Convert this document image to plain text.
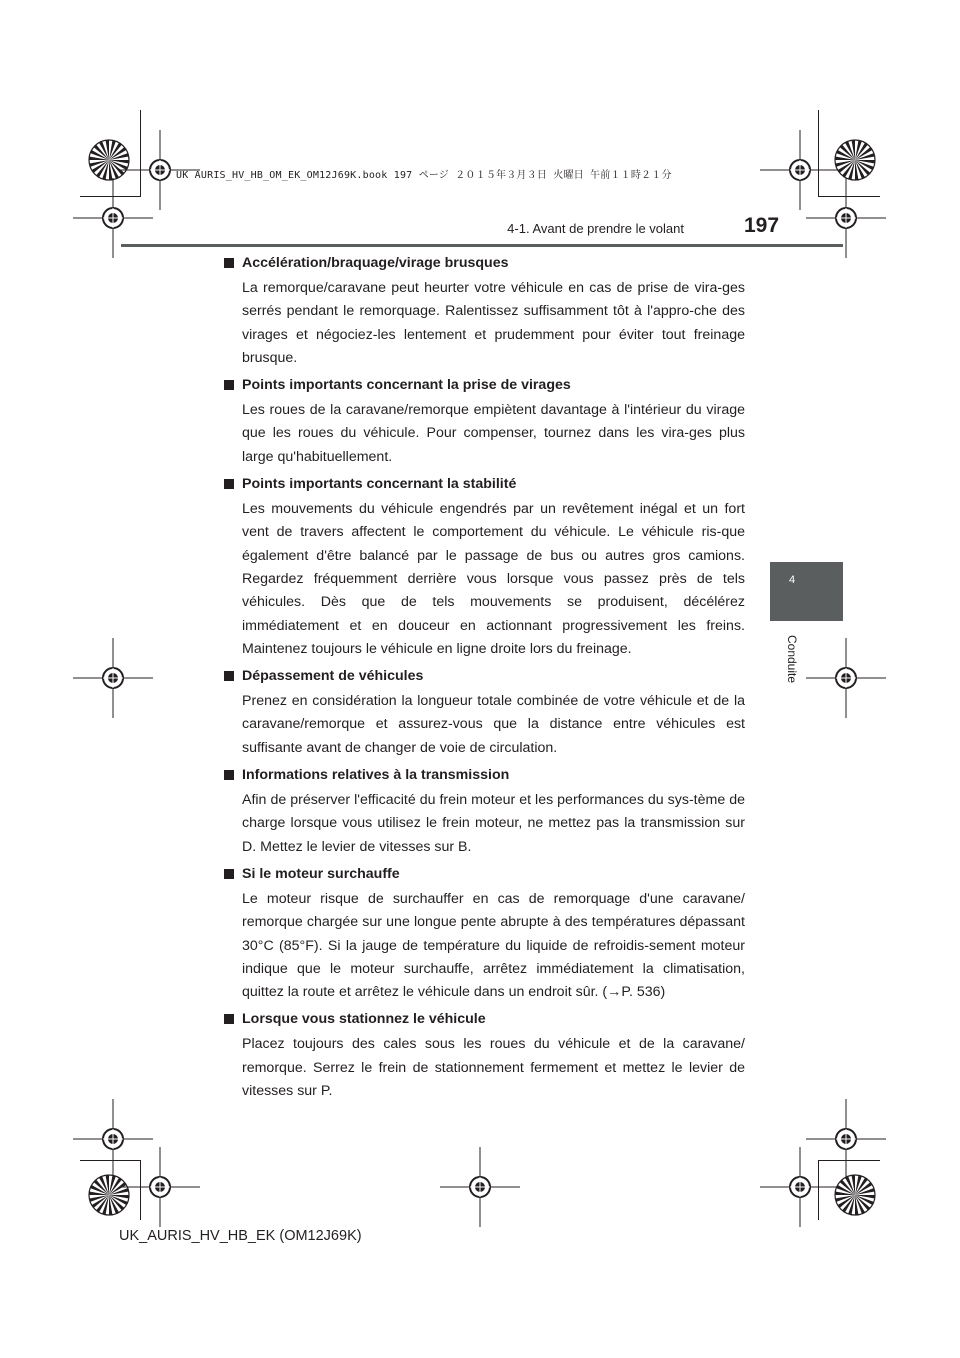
UK AURIS_HV_HB_OM_EK_OM12J69K.book 197 ページ ２０１５年３月３日 火曜日 午前１１時２１分
4-1. Avant de prendre le volant	197
4
Conduite

Accélération/braquage/virage brusques

La remorque/caravane peut heurter votre véhicule en cas de prise de vira-ges serrés pendant le remorquage. Ralentissez suffisamment tôt à l'appro-che des virages et négociez-les lentement et prudemment pour éviter tout freinage brusque.

Points importants concernant la prise de virages

Les roues de la caravane/remorque empiètent davantage à l'intérieur du virage que les roues du véhicule. Pour compenser, tournez dans les vira-ges plus large qu'habituellement.

Points importants concernant la stabilité

Les mouvements du véhicule engendrés par un revêtement inégal et un fort vent de travers affectent le comportement du véhicule. Le véhicule ris-que également d'être balancé par le passage de bus ou autres gros camions. Regardez fréquemment derrière vous lorsque vous passez près de tels véhicules. Dès que de tels mouvements se produisent, décélérez immédiatement et en douceur en actionnant progressivement les freins. Maintenez toujours le véhicule en ligne droite lors du freinage.

Dépassement de véhicules

Prenez en considération la longueur totale combinée de votre véhicule et de la caravane/remorque et assurez-vous que la distance entre véhicules est suffisante avant de changer de voie de circulation.

Informations relatives à la transmission

Afin de préserver l'efficacité du frein moteur et les performances du sys-tème de charge lorsque vous utilisez le frein moteur, ne mettez pas la transmission sur D. Mettez le levier de vitesses sur B.

Si le moteur surchauffe

Le moteur risque de surchauffer en cas de remorquage d'une caravane/ remorque chargée sur une longue pente abrupte à des températures dépassant 30°C (85°F). Si la jauge de température du liquide de refroidis-sement moteur indique que le moteur surchauffe, arrêtez immédiatement la climatisation, quittez la route et arrêtez le véhicule dans un endroit sûr. (→P. 536)

Lorsque vous stationnez le véhicule

Placez toujours des cales sous les roues du véhicule et de la caravane/ remorque. Serrez le frein de stationnement fermement et mettez le levier de vitesses sur P.

UK_AURIS_HV_HB_EK (OM12J69K)
